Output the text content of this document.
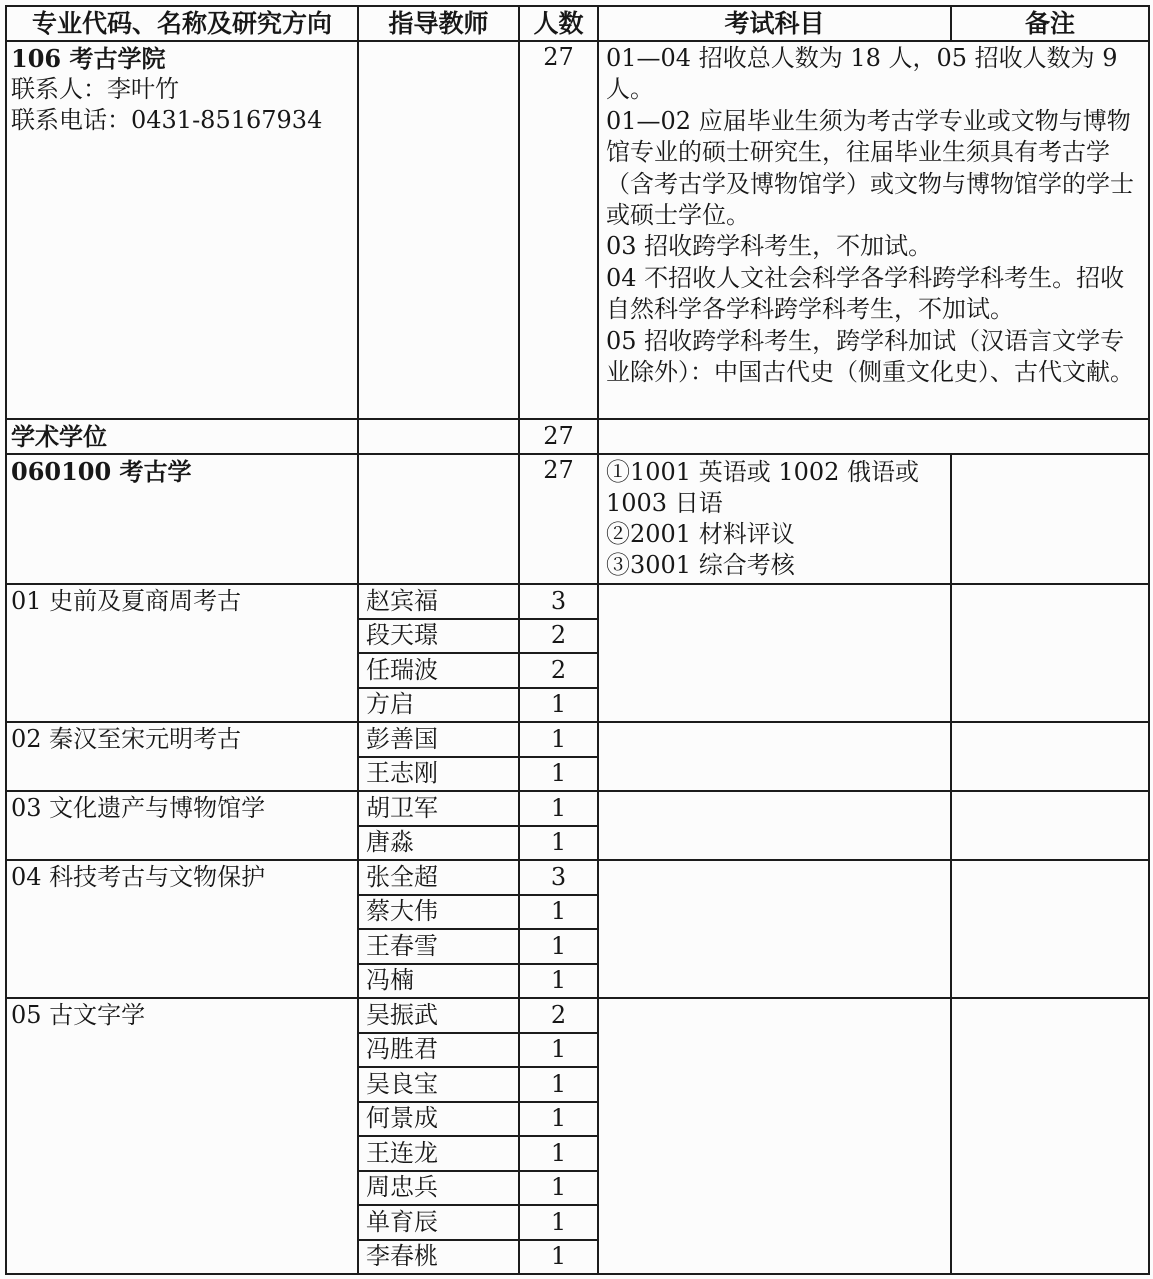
专业代码、名称及研究方向	指导教师	人数	考试科目	备注

106 考古学院
联系人：李叶竹
联系电话：0431-85167934
		27	01—04 招收总人数为 18 人，05 招收人数为 9 人。
01—02 应届毕业生须为考古学专业或文物与博物馆专业的硕士研究生，往届毕业生须具有考古学（含考古学及博物馆学）或文物与博物馆学的学士或硕士学位。
03 招收跨学科考生，不加试。
04 不招收人文社会科学各学科跨学科考生。招收自然科学各学科跨学科考生，不加试。
05 招收跨学科考生，跨学科加试（汉语言文学专业除外）：中国古代史（侧重文化史）、古代文献。

学术学位		27		
060100 考古学		27	①1001 英语或 1002 俄语或 1003 日语
②2001 材料评议
③3001 综合考核	

01 史前及夏商周考古	赵宾福	3		
	段天璟	2		
	任瑞波	2		
	方启	1		
02 秦汉至宋元明考古	彭善国	1		
	王志刚	1		
03 文化遗产与博物馆学	胡卫军	1		
	唐淼	1		
04 科技考古与文物保护	张全超	3		
	蔡大伟	1		
	王春雪	1		
	冯楠	1		
05 古文字学	吴振武	2		
	冯胜君	1		
	吴良宝	1		
	何景成	1		
	王连龙	1		
	周忠兵	1		
	单育辰	1		
	李春桃	1		
